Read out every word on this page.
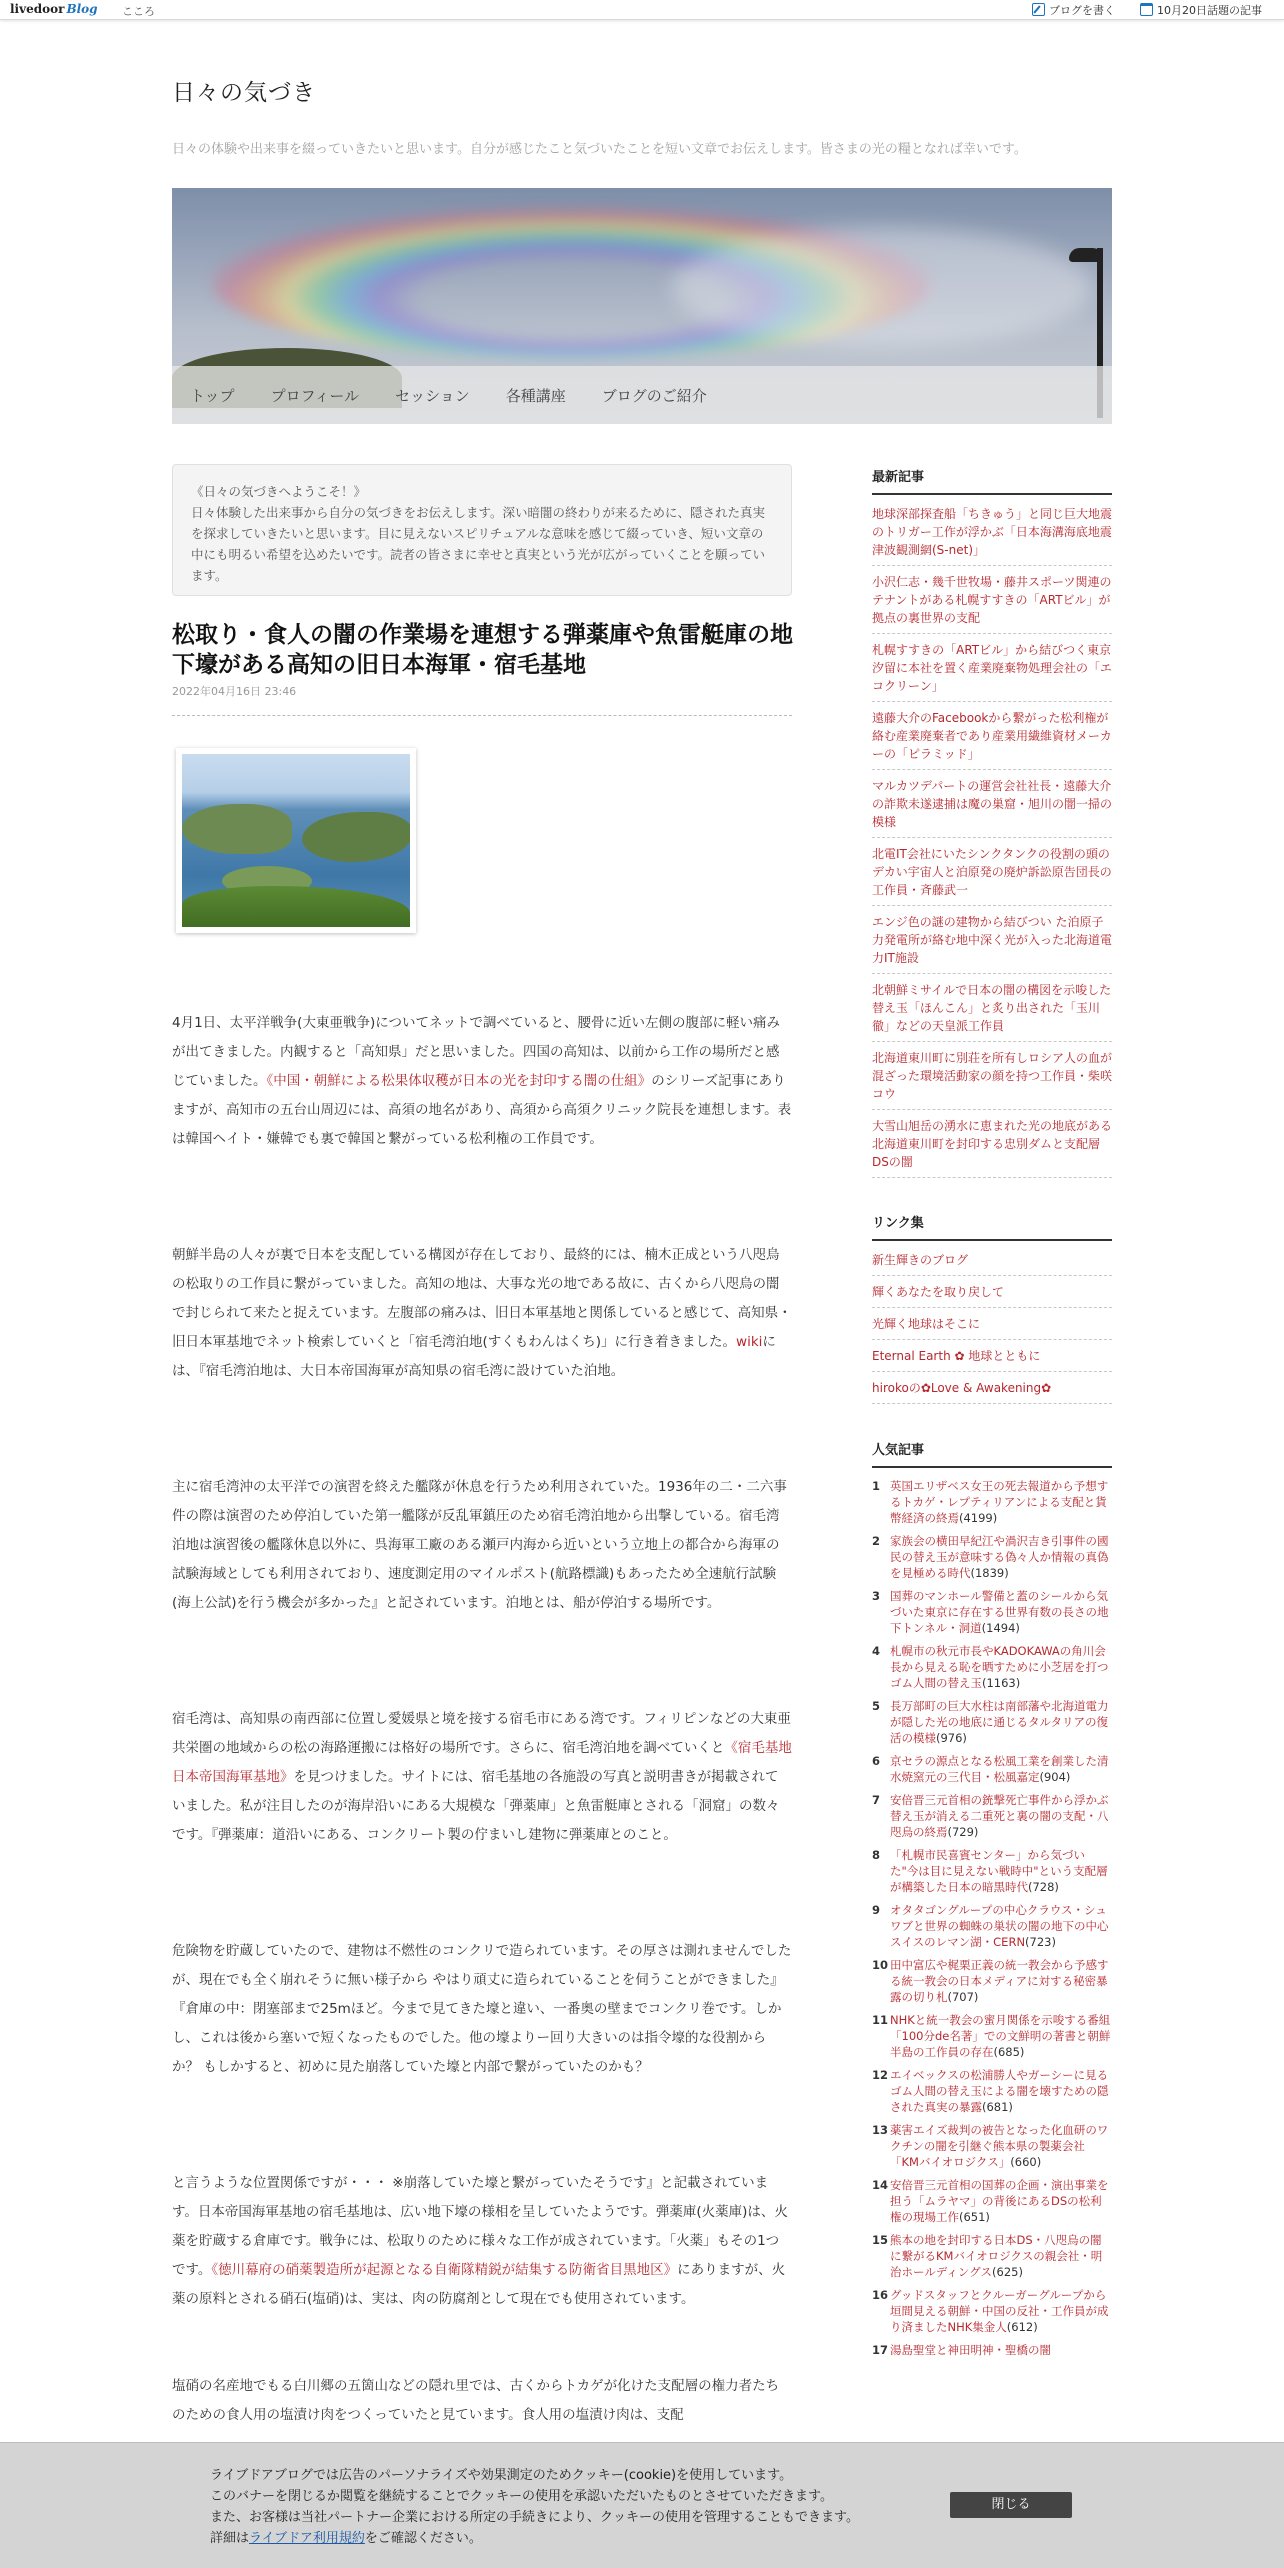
livedoor Blog こころ	ブログを書く	10月20日話題の記事
日々の気づき
日々の体験や出来事を綴っていきたいと思います。自分が感じたこと気づいたことを短い文章でお伝えします。皆さまの光の糧となれば幸いです。
トップ プロフィール セッション 各種講座 ブログのご紹介
《日々の気づきへようこそ！》
日々体験した出来事から自分の気づきをお伝えします。深い暗闇の終わりが来るために、隠された真実を探求していきたいと思います。目に見えないスピリチュアルな意味を感じて綴っていき、短い文章の中にも明るい希望を込めたいです。読者の皆さまに幸せと真実という光が広がっていくことを願っています。
松取り・食人の闇の作業場を連想する弾薬庫や魚雷艇庫の地下壕がある高知の旧日本海軍・宿毛基地
2022年04月16日 23:46
4月1日、太平洋戦争(大東亜戦争)についてネットで調べていると、腰骨に近い左側の腹部に軽い痛みが出てきました。内観すると「高知県」だと思いました。四国の高知は、以前から工作の場所だと感じていました。《中国・朝鮮による松果体収穫が日本の光を封印する闇の仕組》のシリーズ記事にありますが、高知市の五台山周辺には、高須の地名があり、高須から高須クリニック院長を連想します。表は韓国ヘイト・嫌韓でも裏で韓国と繋がっている松利権の工作員です。
朝鮮半島の人々が裏で日本を支配している構図が存在しており、最終的には、楠木正成という八咫烏の松取りの工作員に繋がっていました。高知の地は、大事な光の地である故に、古くから八咫烏の闇で封じられて来たと捉えています。左腹部の痛みは、旧日本軍基地と関係していると感じて、高知県・旧日本軍基地でネット検索していくと「宿毛湾泊地(すくもわんはくち)」に行き着きました。wikiには、『宿毛湾泊地は、大日本帝国海軍が高知県の宿毛湾に設けていた泊地。
主に宿毛湾沖の太平洋での演習を終えた艦隊が休息を行うため利用されていた。1936年の二・二六事件の際は演習のため停泊していた第一艦隊が反乱軍鎮圧のため宿毛湾泊地から出撃している。宿毛湾泊地は演習後の艦隊休息以外に、呉海軍工廠のある瀬戸内海から近いという立地上の都合から海軍の試験海域としても利用されており、速度測定用のマイルポスト(航路標識)もあったため全速航行試験(海上公試)を行う機会が多かった』と記されています。泊地とは、船が停泊する場所です。
宿毛湾は、高知県の南西部に位置し愛媛県と境を接する宿毛市にある湾です。フィリピンなどの大東亜共栄圏の地域からの松の海路運搬には格好の場所です。さらに、宿毛湾泊地を調べていくと《宿毛基地 日本帝国海軍基地》を見つけました。サイトには、宿毛基地の各施設の写真と説明書きが掲載されていました。私が注目したのが海岸沿いにある大規模な「弾薬庫」と魚雷艇庫とされる「洞窟」の数々です。『弾薬庫：道沿いにある、コンクリート製の佇まいし建物に弾薬庫とのこと。
危険物を貯蔵していたので、建物は不燃性のコンクリで造られています。その厚さは測れませんでしたが、現在でも全く崩れそうに無い様子から やはり頑丈に造られていることを伺うことができました』『倉庫の中：閉塞部まで25mほど。今まで見てきた壕と違い、一番奥の壁までコンクリ巻です。しかし、これは後から塞いで短くなったものでした。他の壕よりー回り大きいのは指令壕的な役割からか？ もしかすると、初めに見た崩落していた壕と内部で繋がっていたのかも？
と言うような位置関係ですが・・・ ※崩落していた壕と繋がっていたそうです』と記載されています。日本帝国海軍基地の宿毛基地は、広い地下壕の様相を呈していたようです。弾薬庫(火薬庫)は、火薬を貯蔵する倉庫です。戦争には、松取りのために様々な工作が成されています。「火薬」もその1つです。《徳川幕府の硝薬製造所が起源となる自衛隊精鋭が結集する防衛省目黒地区》にありますが、火薬の原料とされる硝石(塩硝)は、実は、肉の防腐剤として現在でも使用されています。
塩硝の名産地でもる白川郷の五箇山などの隠れ里では、古くからトカゲが化けた支配層の権力者たちのための食人用の塩漬け肉をつくっていたと見ています。食人用の塩漬け肉は、支配
最新記事
地球深部探査船「ちきゅう」と同じ巨大地震のトリガー工作が浮かぶ「日本海溝海底地震津波観測網(S-net)」
小沢仁志・幾千世牧場・藤井スポーツ関連のテナントがある札幌すすきの「ARTビル」が拠点の裏世界の支配
札幌すすきの「ARTビル」から結びつく東京汐留に本社を置く産業廃棄物処理会社の「エコクリーン」
遠藤大介のFacebookから繋がった松利権が絡む産業廃棄者であり産業用繊維資材メーカーの「ピラミッド」
マルカツデパートの運営会社社長・遠藤大介の詐欺未遂逮捕は魔の巣窟・旭川の闇一掃の模様
北電IT会社にいたシンクタンクの役割の頭のデカい宇宙人と泊原発の廃炉訴訟原告団長の工作員・斉藤武一
エンジ色の謎の建物から結びつい た泊原子力発電所が絡む地中深く光が入った北海道電力IT施設
北朝鮮ミサイルで日本の闇の構図を示唆した替え玉「ほんこん」と炙り出された「玉川徹」などの天皇派工作員
北海道東川町に別荘を所有しロシア人の血が混ざった環境活動家の顔を持つ工作員・柴咲コウ
大雪山旭岳の湧水に恵まれた光の地底がある北海道東川町を封印する忠別ダムと支配層DSの闇
リンク集
新生輝きのブログ
輝くあなたを取り戻して
光輝く地球はそこに
Eternal Earth ✿ 地球とともに
hirokoの✿Love & Awakening✿
人気記事
1 英国エリザベス女王の死去報道から予想するトカゲ・レプティリアンによる支配と貨幣経済の終焉(4199)
2 家族会の横田早紀江や渦沢吉き引事件の國民の替え玉が意味する偽々人か情報の真偽を見極める時代(1839)
3 国葬のマンホール警備と蓋のシールから気づいた東京に存在する世界有数の長さの地下トンネル・洞道(1494)
4 札幌市の秋元市長やKADOKAWAの角川会長から見える恥を晒すために小芝居を打つゴム人間の替え玉(1163)
5 長万部町の巨大水柱は南部藩や北海道電力が隠した光の地底に通じるタルタリアの復活の模様(976)
6 京セラの源点となる松風工業を創業した清水焼窯元の三代目・松風嘉定(904)
7 安倍晋三元首相の銃撃死亡事件から浮かぶ替え玉が消える二重死と裏の闇の支配・八咫烏の終焉(729)
8 「札幌市民喜賓センター」から気づいた"今は目に見えない戦時中"という支配層が構築した日本の暗黒時代(728)
9 オタタゴングループの中心クラウス・シュワブと世界の蜘蛛の巣状の闇の地下の中心スイスのレマン湖・CERN(723)
10 田中富広や梶栗正義の統一教会から予感する統一教会の日本メディアに対する秘密暴露の切り札(707)
11 NHKと統一教会の蜜月関係を示唆する番組「100分de名著」での文鮮明の著書と朝鮮半島の工作員の存在(685)
12 エイベックスの松浦勝人やガーシーに見るゴム人間の替え玉による闇を壊すための隠された真実の暴露(681)
13 薬害エイズ裁判の被告となった化血研のワクチンの闇を引継ぐ熊本県の製薬会社「KMバイオロジクス」(660)
14 安倍晋三元首相の国葬の企画・演出事業を担う「ムラヤマ」の背後にあるDSの松利権の現場工作(651)
15 熊本の地を封印する日本DS・八咫烏の闇に繋がるKMバイオロジクスの親会社・明治ホールディングス(625)
16 グッドスタッフとクルーガーグループから垣間見える朝鮮・中国の反社・工作員が成り済ましたNHK集金人(612)
17 湯島聖堂と神田明神・聖橋の闇
ライブドアブログでは広告のパーソナライズや効果測定のためクッキー(cookie)を使用しています。
このバナーを閉じるか閲覧を継続することでクッキーの使用を承認いただいたものとさせていただきます。
また、お客様は当社パートナー企業における所定の手続きにより、クッキーの使用を管理することもできます。
詳細はライブドア利用規約をご確認ください。
閉じる
